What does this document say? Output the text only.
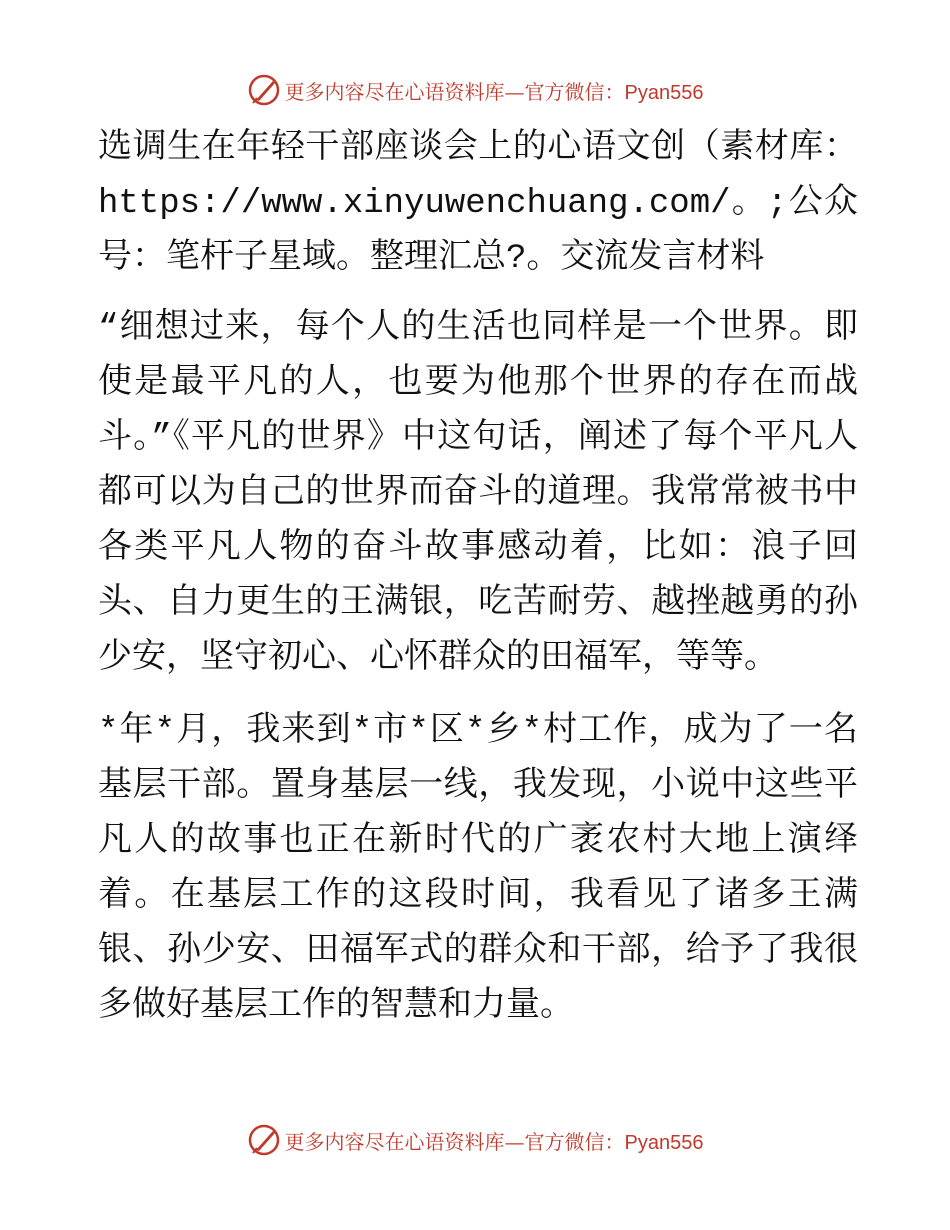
更多内容尽在心语资料库—官方微信：Pyan556

选调生在年轻干部座谈会上的心语文创（素材库：https://www.xinyuwenchuang.com/。;公众号：笔杆子星域。整理汇总?。交流发言材料

“细想过来，每个人的生活也同样是一个世界。即使是最平凡的人，也要为他那个世界的存在而战斗。”《平凡的世界》中这句话，阐述了每个平凡人都可以为自己的世界而奋斗的道理。我常常被书中各类平凡人物的奋斗故事感动着，比如：浪子回头、自力更生的王满银，吃苦耐劳、越挫越勇的孙少安，坚守初心、心怀群众的田福军，等等。

*年*月，我来到*市*区*乡*村工作，成为了一名基层干部。置身基层一线，我发现，小说中这些平凡人的故事也正在新时代的广袤农村大地上演绎着。在基层工作的这段时间，我看见了诸多王满银、孙少安、田福军式的群众和干部，给予了我很多做好基层工作的智慧和力量。

更多内容尽在心语资料库—官方微信：Pyan556
